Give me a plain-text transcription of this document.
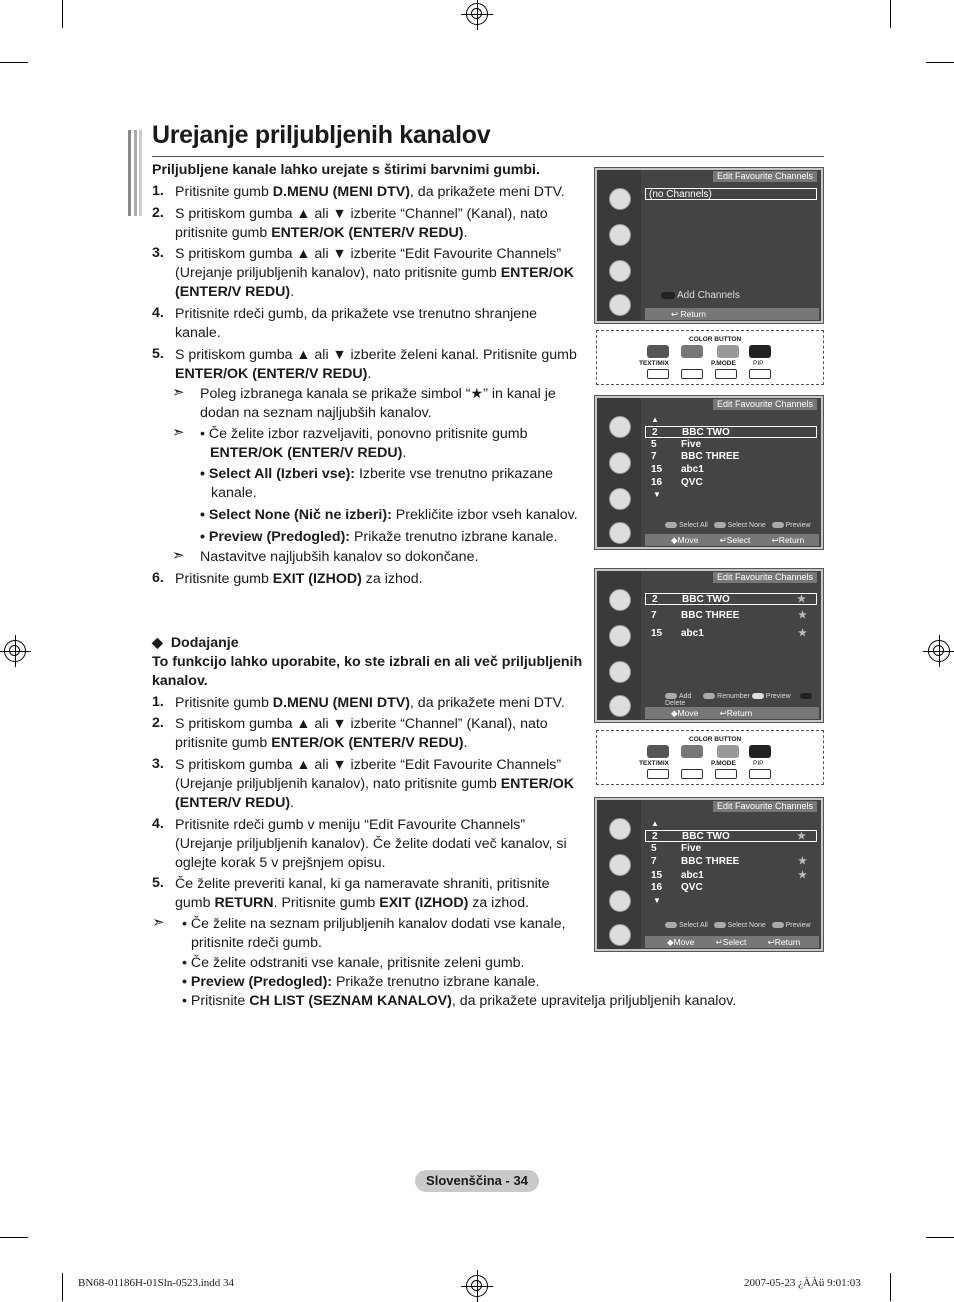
Urejanje priljubljenih kanalov
Priljubljene kanale lahko urejate s štirimi barvnimi gumbi.
1. Pritisnite gumb D.MENU (MENI DTV), da prikažete meni DTV.
2. S pritiskom gumba ▲ ali ▼ izberite “Channel” (Kanal), nato
pritisnite gumb ENTER/OK (ENTER/V REDU).
3. S pritiskom gumba ▲ ali ▼ izberite “Edit Favourite Channels”
(Urejanje priljubljenih kanalov), nato pritisnite gumb ENTER/OK
(ENTER/V REDU).
4. Pritisnite rdeči gumb, da prikažete vse trenutno shranjene
kanale.
5. S pritiskom gumba ▲ ali ▼ izberite želeni kanal. Pritisnite gumb
ENTER/OK (ENTER/V REDU).
➣ Poleg izbranega kanala se prikaže simbol “★” in kanal je
dodan na seznam najljubših kanalov.
➣ • Če želite izbor razveljaviti, ponovno pritisnite gumb
ENTER/OK (ENTER/V REDU).
• Select All (Izberi vse): Izberite vse trenutno prikazane
kanale.
• Select None (Nič ne izberi): Prekličite izbor vseh kanalov.
• Preview (Predogled): Prikaže trenutno izbrane kanale.
➣ Nastavitve najljubših kanalov so dokončane.
6. Pritisnite gumb EXIT (IZHOD) za izhod.
◆ Dodajanje
To funkcijo lahko uporabite, ko ste izbrali en ali več priljubljenih
kanalov.
1. Pritisnite gumb D.MENU (MENI DTV), da prikažete meni DTV.
2. S pritiskom gumba ▲ ali ▼ izberite “Channel” (Kanal), nato
pritisnite gumb ENTER/OK (ENTER/V REDU).
3. S pritiskom gumba ▲ ali ▼ izberite “Edit Favourite Channels”
(Urejanje priljubljenih kanalov), nato pritisnite gumb ENTER/OK
(ENTER/V REDU).
4. Pritisnite rdeči gumb v meniju “Edit Favourite Channels”
(Urejanje priljubljenih kanalov). Če želite dodati več kanalov, si
oglejte korak 5 v prejšnjem opisu.
5. Če želite preveriti kanal, ki ga nameravate shraniti, pritisnite
gumb RETURN. Pritisnite gumb EXIT (IZHOD) za izhod.
➣ • Če želite na seznam priljubljenih kanalov dodati vse kanale,
pritisnite rdeči gumb.
• Če želite odstraniti vse kanale, pritisnite zeleni gumb.
• Preview (Predogled): Prikaže trenutno izbrane kanale.
• Pritisnite CH LIST (SEZNAM KANALOV), da prikažete upravitelja priljubljenih kanalov.
Edit Favourite Channels
(no Channels)
Add Channels
↩ Return
COLOR BUTTON
TEXT/MIX	P.MODE	PIP
Edit Favourite Channels
▲
2 BBC TWO
5 Five
7 BBC THREE
15 abc1
16 QVC
▼
Select All	Select None	Preview
◆Move         ↵Select         ↩Return
Edit Favourite Channels
2 BBC TWO	★
7 BBC THREE	★
15 abc1	★
Add	Renumber Preview     Delete
◆Move         ↩Return
COLOR BUTTON
TEXT/MIX	P.MODE	PIP
Edit Favourite Channels
▲
2 BBC TWO	★
5 Five
7 BBC THREE	★
15 abc1	★
16 QVC
▼
Select All	Select None	Preview
◆Move         ↵Select         ↩Return
Slovenščina - 34
BN68-01186H-01Sln-0523.indd 34	2007-05-23 ¿ÀÀü 9:01:03
